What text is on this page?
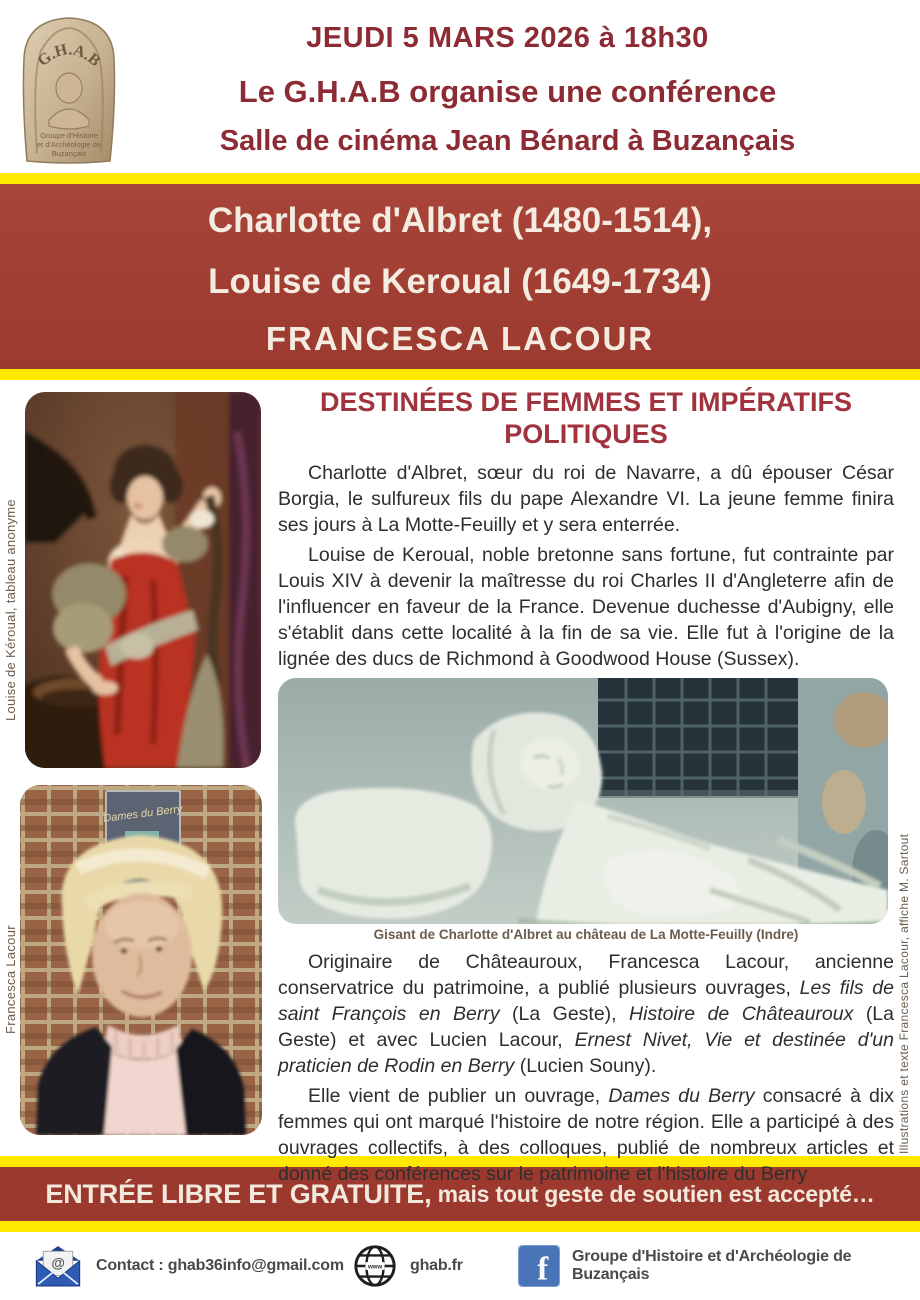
G.H.A.B
Groupe d'Histoire
et d'Archéologie de
Buzançais
JEUDI 5 MARS 2026 à 18h30
Le G.H.A.B organise une conférence
Salle de cinéma Jean Bénard à Buzançais
Charlotte d'Albret (1480-1514),
Louise de Keroual (1649-1734)
FRANCESCA LACOUR
Louise de Kéroual, tableau anonyme
Francesca Lacour
Dames du Berry
DESTINÉES DE FEMMES ET IMPÉRATIFS
POLITIQUES

Charlotte d'Albret, sœur du roi de Navarre, a dû épouser César Borgia, le sulfureux fils du pape Alexandre VI. La jeune femme finira ses jours à La Motte-Feuilly et y sera enterrée.

Louise de Keroual, noble bretonne sans fortune, fut contrainte par Louis XIV à devenir la maîtresse du roi Charles II d'Angleterre afin de l'influencer en faveur de la France. Devenue duchesse d'Aubigny, elle s'établit dans cette localité à la fin de sa vie. Elle fut à l'origine de la lignée des ducs de Richmond à Goodwood House (Sussex).

Gisant de Charlotte d'Albret au château de La Motte-Feuilly (Indre)

Originaire de Châteauroux, Francesca Lacour, ancienne conservatrice du patrimoine, a publié plusieurs ouvrages, Les fils de saint François en Berry (La Geste), Histoire de Châteauroux (La Geste) et avec Lucien Lacour, Ernest Nivet, Vie et destinée d'un praticien de Rodin en Berry (Lucien Souny).

Elle vient de publier un ouvrage, Dames du Berry consacré à dix femmes qui ont marqué l'histoire de notre région. Elle a participé à des ouvrages collectifs, à des colloques, publié de nombreux articles et donné des conférences sur le patrimoine et l'histoire du Berry

Illustrations et texte Francesca Lacour, affiche M. Sartout
ENTRÉE LIBRE ET GRATUITE, mais tout geste de soutien est accepté…
@ Contact : ghab36info@gmail.com	www ghab.fr f Groupe d'Histoire et d'Archéologie de Buzançais
